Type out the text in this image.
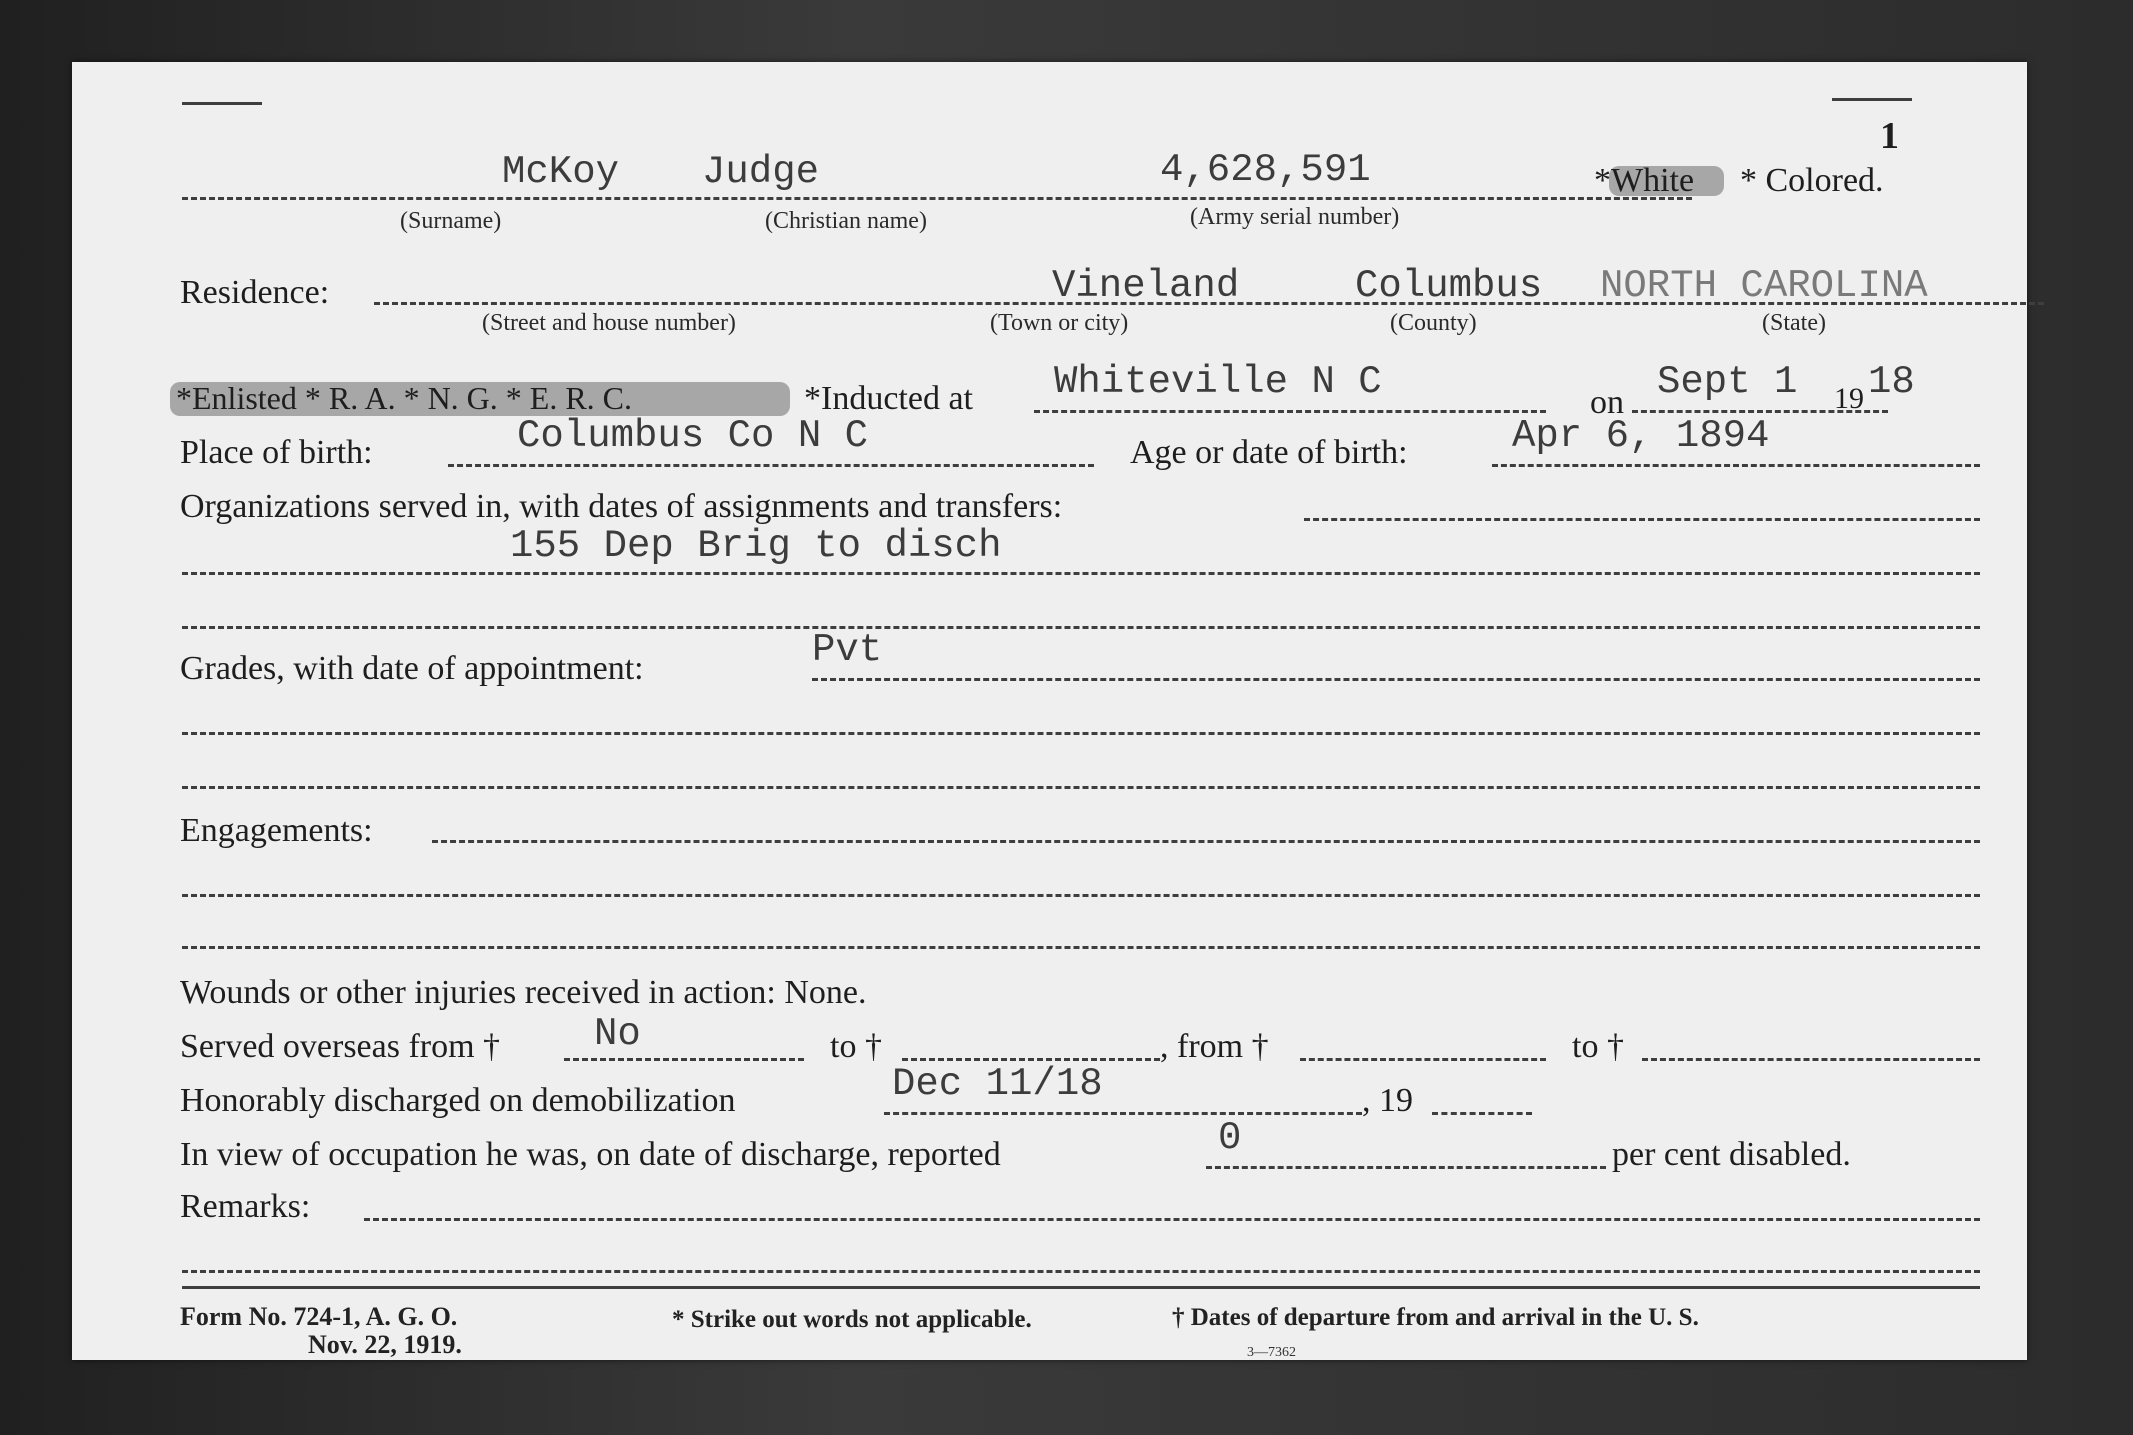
1
McKoy Judge	4,628,591
(Surname)	(Christian name)	(Army serial number)
*White * Colored.
Residence:	Vineland	Columbus NORTH CAROLINA
(Street and house number)	(Town or city)	(County)	(State)
*Enlisted * R. A. * N. G. * E. R. C.	*Inducted at Whiteville N C	on Sept 1 19 18
Place of birth:	Columbus Co N C	Age or date of birth:	Apr 6, 1894
Organizations served in, with dates of assignments and transfers:
155 Dep Brig to disch
Grades, with date of appointment:	Pvt
Engagements:
Wounds or other injuries received in action: None.
Served overseas from † No	to †	, from †	to †
Honorably discharged on demobilization	Dec 11/18	, 19
In view of occupation he was, on date of discharge, reported	0	per cent disabled.
Remarks:
Form No. 724-1, A. G. O.
Nov. 22, 1919.
* Strike out words not applicable.	† Dates of departure from and arrival in the U. S.
3—7362
